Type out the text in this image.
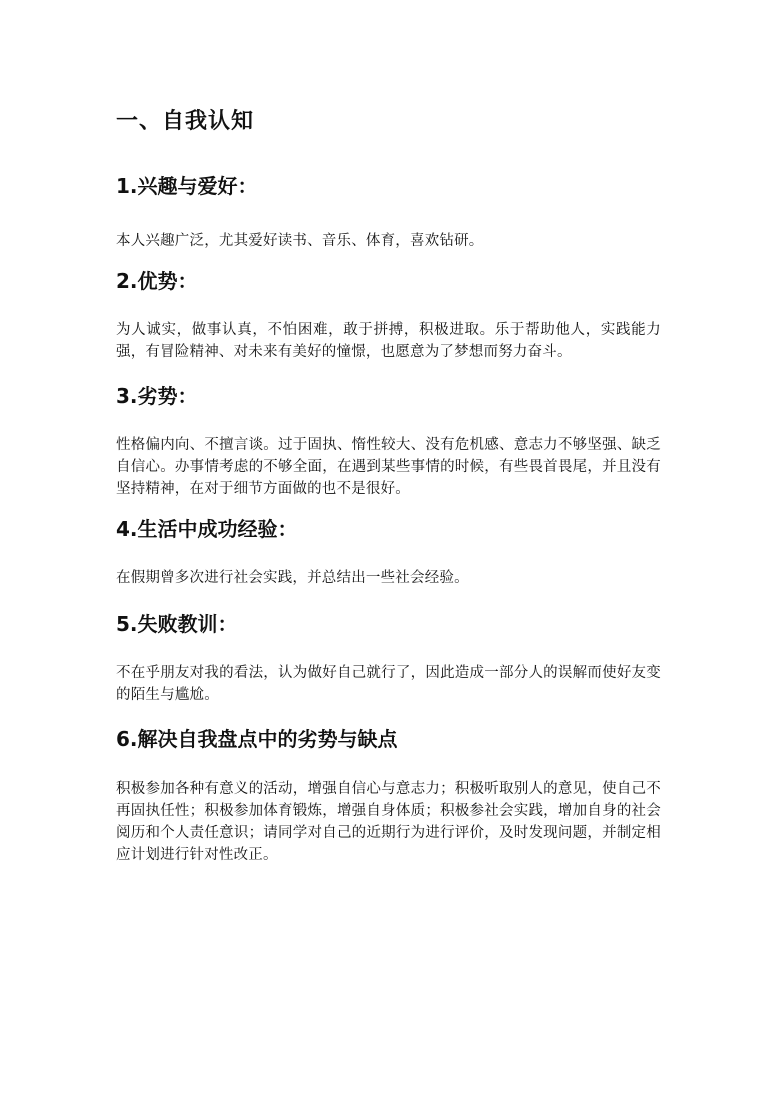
一、自我认知
1.兴趣与爱好：

本人兴趣广泛，尤其爱好读书、音乐、体育，喜欢钻研。

2.优势：

为人诚实，做事认真，不怕困难，敢于拼搏，积极进取。乐于帮助他人，实践能力强，有冒险精神、对未来有美好的憧憬，也愿意为了梦想而努力奋斗。

3.劣势：

性格偏内向、不擅言谈。过于固执、惰性较大、没有危机感、意志力不够坚强、缺乏自信心。办事情考虑的不够全面，在遇到某些事情的时候，有些畏首畏尾，并且没有坚持精神，在对于细节方面做的也不是很好。

4.生活中成功经验：

在假期曾多次进行社会实践，并总结出一些社会经验。

5.失败教训：

不在乎朋友对我的看法，认为做好自己就行了，因此造成一部分人的误解而使好友变的陌生与尴尬。

6.解决自我盘点中的劣势与缺点

积极参加各种有意义的活动，增强自信心与意志力；积极听取别人的意见，使自己不再固执任性；积极参加体育锻炼，增强自身体质；积极参社会实践，增加自身的社会阅历和个人责任意识；请同学对自己的近期行为进行评价，及时发现问题，并制定相应计划进行针对性改正。
